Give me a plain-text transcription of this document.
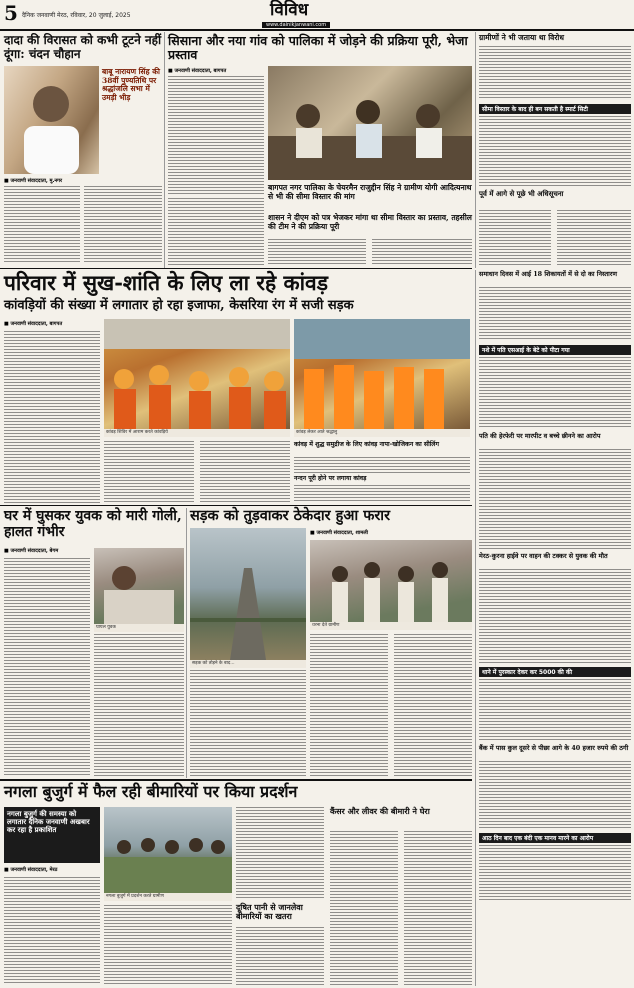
5 दैनिक जनवाणी मेरठ, रविवार, 20 जुलाई, 2025	विविध
www.dainikjanwani.com
दादा की विरासत को कभी टूटने नहीं दूंगा: चंदन चौहान
बाबू नारायण सिंह की 38वीं पुण्यतिथि पर श्रद्धांजलि सभा में उमड़ी भीड़
■ जनवाणी संवाददाता, मु.नगर
सिसाना और नया गांव को पालिका में जोड़ने की प्रक्रिया पूरी, भेजा प्रस्ताव
■ जनवाणी संवाददाता, बागपत
बागपत नगर पालिका के चेयरमैन राजुद्दीन सिंह ने ग्रामीण योगी आदित्यनाथ से भी की सीमा विस्तार की मांग
शासन ने दीएम को पत्र भेजकर मांगा था सीमा विस्तार का प्रस्ताव, तहसील की टीम ने की प्रक्रिया पूरी
ग्रामीणों ने भी जताया था विरोध
सीमा विस्तार के बाद ही बन सकती है स्मार्ट सिटी
पूर्व में आगे से पूछे भी अधिसूचना
परिवार में सुख-शांति के लिए ला रहे कांवड़
कांवड़ियों की संख्या में लगातार हो रहा इजाफा, केसरिया रंग में सजी सड़क
■ जनवाणी संवाददाता, बागपत
कांवड़ शिविर में आराम करते कांवड़िये	कांवड़ लेकर आते श्रद्धालु
कांवड़ में शुद्ध समुद्रीज के लिए कांवड़ नापा-खोजिकन का सीलिंग
नन्दन पूरी होने पर लगाया कांवड़
समाधान दिवस में आई 18 शिकायतों में से दो का निस्तारण
नशे में पति एसआई के बेटे को पीटा गया
पति की हेरफेरी पर मारपीट व बच्चे छीनने का आरोप
मेरठ-कुरना हाईवे पर वाहन की टक्कर से युवक की मौत
थाने में पुरस्कार देकर कर 5000 की की
बैंक में पास कुल दूसरे से पीछा आगे के 40 हजार रुपये की ठगी
आठ दिन बाद एक बंदी एक मानव मारने का आरोप
घर में घुसकर युवक को मारी गोली, हालत गंभीर
■ जनवाणी संवाददाता, बेगम
घायल युवक
सड़क को तुड़वाकर ठेकेदार हुआ फरार
■ जनवाणी संवाददाता, शामली
सड़क को तोड़ने के बाद...
धरना देते ग्रामीण
नगला बुजुर्ग में फैल रही बीमारियों पर किया प्रदर्शन
नगला बुजुर्ग की समस्या को लगातार दैनिक जनवाणी अखबार कर रहा है प्रकाशित
■ जनवाणी संवाददाता, मेरठ
नगला बुजुर्ग में प्रदर्शन करते ग्रामीण
दूषित पानी से जानलेवा बीमारियों का खतरा
कैंसर और लीवर की बीमारी ने घेरा
